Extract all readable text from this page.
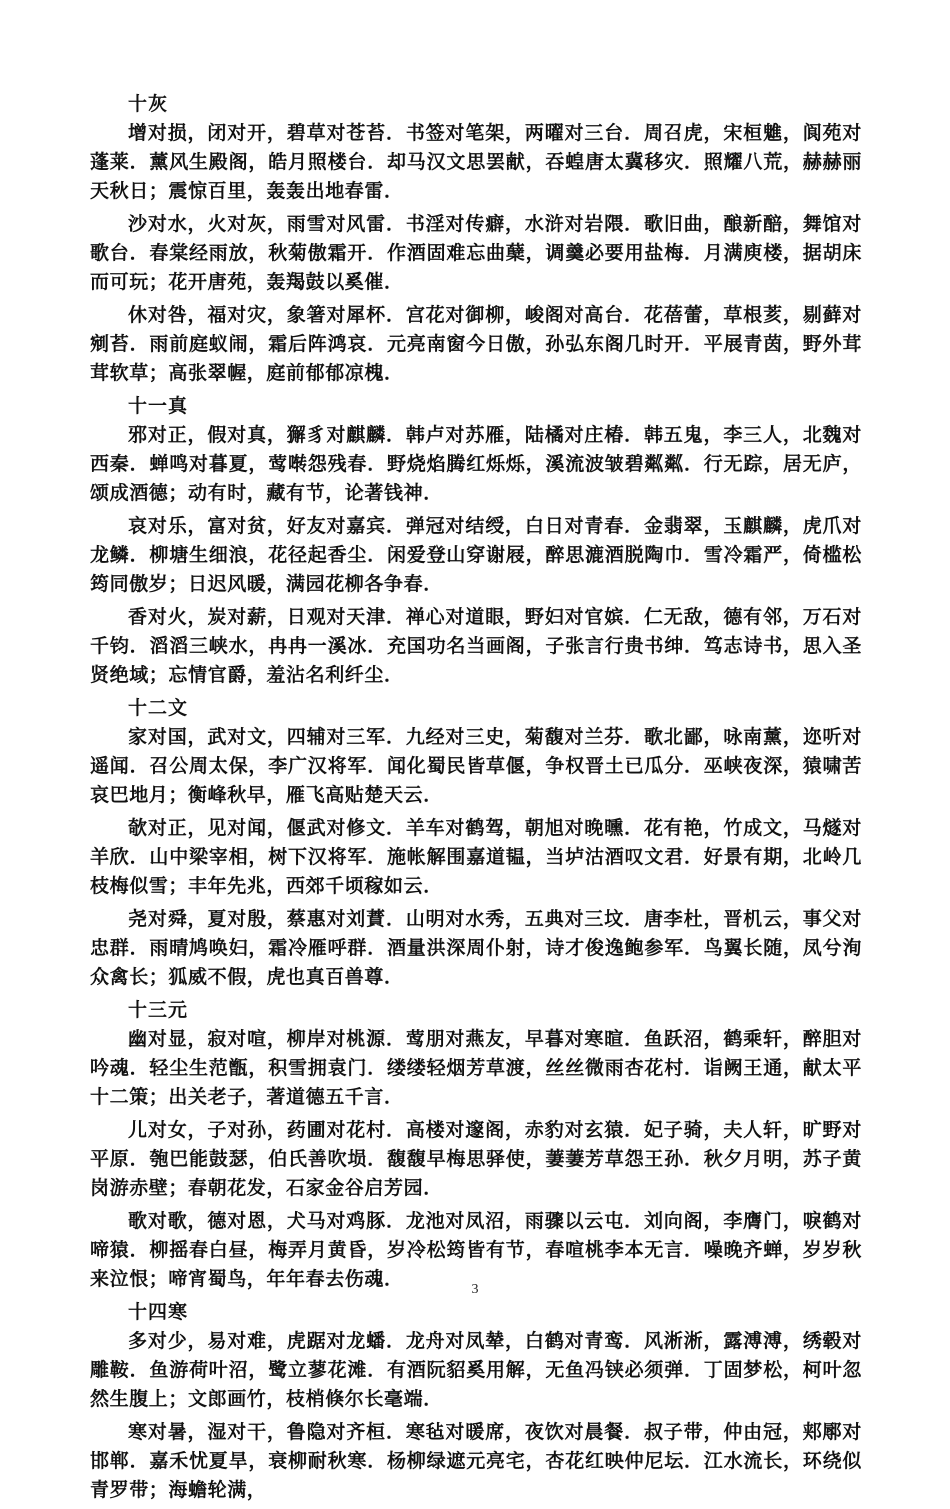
十灰

增对损，闭对开，碧草对苍苔．书签对笔架，两曜对三台．周召虎，宋桓魋，阆苑对蓬莱．薰风生殿阁，皓月照楼台．却马汉文思罢献，吞蝗唐太冀移灾．照耀八荒，赫赫丽天秋日；震惊百里，轰轰出地春雷．

沙对水，火对灰，雨雪对风雷．书淫对传癖，水浒对岩隈．歌旧曲，酿新醅，舞馆对歌台．春棠经雨放，秋菊傲霜开．作酒固难忘曲蘖，调羹必要用盐梅．月满庾楼，据胡床而可玩；花开唐苑，轰羯鼓以奚催．

休对咎，福对灾，象箸对犀杯．宫花对御柳，峻阁对高台．花蓓蕾，草根荄，剔藓对剜苔．雨前庭蚁闹，霜后阵鸿哀．元亮南窗今日傲，孙弘东阁几时开．平展青茵，野外茸茸软草；高张翠幄，庭前郁郁凉槐．

十一真

邪对正，假对真，獬豸对麒麟．韩卢对苏雁，陆橘对庄椿．韩五鬼，李三人，北魏对西秦．蝉鸣对暮夏，莺啭怨残春．野烧焰腾红烁烁，溪流波皱碧粼粼．行无踪，居无庐，颂成酒德；动有时，藏有节，论著钱神．

哀对乐，富对贫，好友对嘉宾．弹冠对结绶，白日对青春．金翡翠，玉麒麟，虎爪对龙鳞．柳塘生细浪，花径起香尘．闲爱登山穿谢屐，醉思漉酒脱陶巾．雪冷霜严，倚槛松筠同傲岁；日迟风暖，满园花柳各争春．

香对火，炭对薪，日观对天津．禅心对道眼，野妇对官嫔．仁无敌，德有邻，万石对千钧．滔滔三峡水，冉冉一溪冰．充国功名当画阁，子张言行贵书绅．笃志诗书，思入圣贤绝域；忘情官爵，羞沾名利纤尘．

十二文

家对国，武对文，四辅对三军．九经对三史，菊馥对兰芬．歌北鄙，咏南薰，迩听对遥闻．召公周太保，李广汉将军．闻化蜀民皆草偃，争权晋土已瓜分．巫峡夜深，猿啸苦哀巴地月；衡峰秋早，雁飞高贴楚天云．

欹对正，见对闻，偃武对修文．羊车对鹤驾，朝旭对晚曛．花有艳，竹成文，马燧对羊欣．山中梁宰相，树下汉将军．施帐解围嘉道韫，当垆沽酒叹文君．好景有期，北岭几枝梅似雪；丰年先兆，西郊千顷稼如云．

尧对舜，夏对殷，蔡惠对刘蕡．山明对水秀，五典对三坟．唐李杜，晋机云，事父对忠群．雨晴鸠唤妇，霜冷雁呼群．酒量洪深周仆射，诗才俊逸鲍参军．鸟翼长随，凤兮洵众禽长；狐威不假，虎也真百兽尊．

十三元

幽对显，寂对喧，柳岸对桃源．莺朋对燕友，早暮对寒暄．鱼跃沼，鹤乘轩，醉胆对吟魂．轻尘生范甑，积雪拥袁门．缕缕轻烟芳草渡，丝丝微雨杏花村．诣阙王通，献太平十二策；出关老子，著道德五千言．

儿对女，子对孙，药圃对花村．高楼对邃阁，赤豹对玄猿．妃子骑，夫人轩，旷野对平原．匏巴能鼓瑟，伯氏善吹埙．馥馥早梅思驿使，萋萋芳草怨王孙．秋夕月明，苏子黄岗游赤壁；春朝花发，石家金谷启芳园．

歌对歌，德对恩，犬马对鸡豚．龙池对凤沼，雨骤以云屯．刘向阁，李膺门，唳鹤对啼猿．柳摇春白昼，梅弄月黄昏，岁冷松筠皆有节，春喧桃李本无言．噪晚齐蝉，岁岁秋来泣恨；啼宵蜀鸟，年年春去伤魂．

十四寒

多对少，易对难，虎踞对龙蟠．龙舟对凤辇，白鹤对青鸾．风淅淅，露溥溥，绣毂对雕鞍．鱼游荷叶沼，鹭立蓼花滩．有酒阮貂奚用解，无鱼冯铗必须弹．丁固梦松，柯叶忽然生腹上；文郎画竹，枝梢倏尔长毫端．

寒对暑，湿对干，鲁隐对齐桓．寒毡对暖席，夜饮对晨餐．叔子带，仲由冠，郏鄏对邯郸．嘉禾忧夏旱，衰柳耐秋寒．杨柳绿遮元亮宅，杏花红映仲尼坛．江水流长，环绕似青罗带；海蟾轮满，

3
